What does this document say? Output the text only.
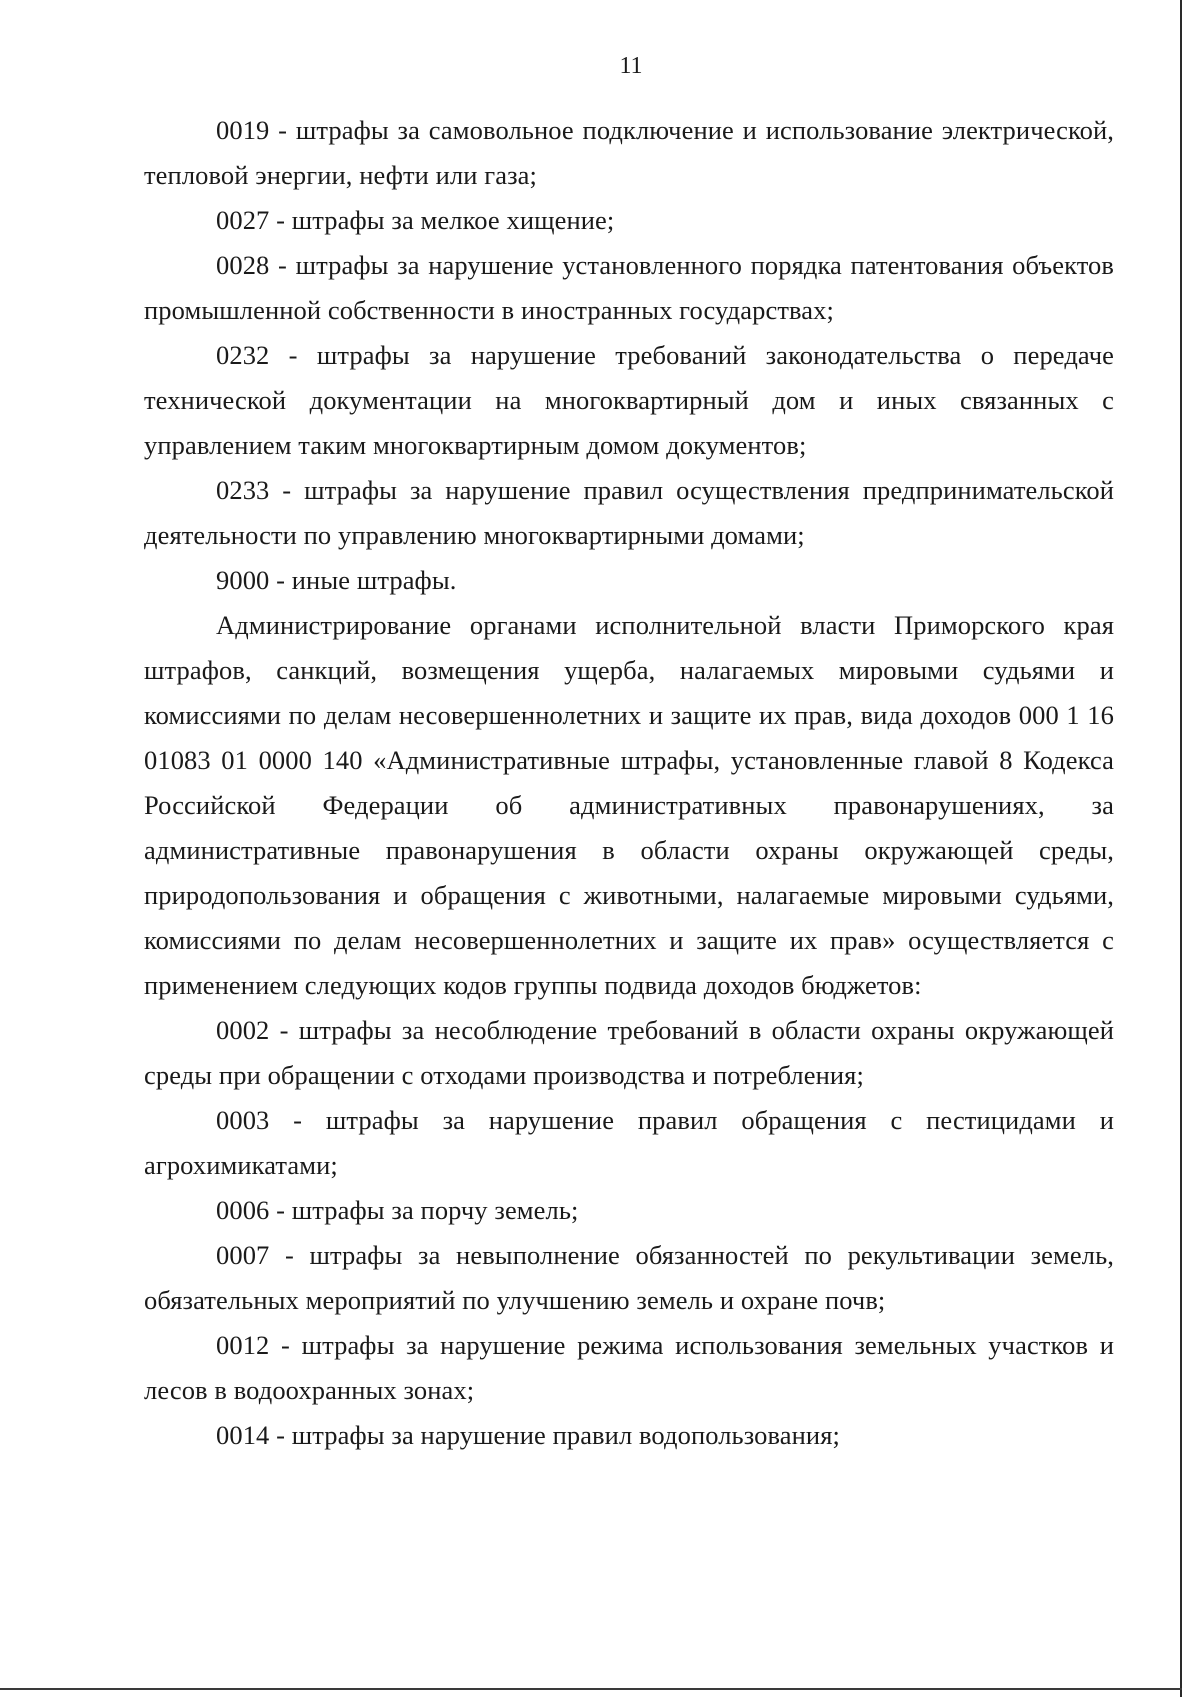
11

0019 - штрафы за самовольное подключение и использование электрической, тепловой энергии, нефти или газа;

0027 - штрафы за мелкое хищение;

0028 - штрафы за нарушение установленного порядка патентования объектов промышленной собственности в иностранных государствах;

0232 - штрафы за нарушение требований законодательства о передаче технической документации на многоквартирный дом и иных связанных с управлением таким многоквартирным домом документов;

0233 - штрафы за нарушение правил осуществления предпринимательской деятельности по управлению многоквартирными домами;

9000 - иные штрафы.

Администрирование органами исполнительной власти Приморского края штрафов, санкций, возмещения ущерба, налагаемых мировыми судьями и комиссиями по делам несовершеннолетних и защите их прав, вида доходов 000 1 16 01083 01 0000 140 «Административные штрафы, установленные главой 8 Кодекса Российской Федерации об административных правонарушениях, за административные правонарушения в области охраны окружающей среды, природопользования и обращения с животными, налагаемые мировыми судьями, комиссиями по делам несовершеннолетних и защите их прав» осуществляется с применением следующих кодов группы подвида доходов бюджетов:

0002 - штрафы за несоблюдение требований в области охраны окружающей среды при обращении с отходами производства и потребления;

0003 - штрафы за нарушение правил обращения с пестицидами и агрохимикатами;

0006 - штрафы за порчу земель;

0007 - штрафы за невыполнение обязанностей по рекультивации земель, обязательных мероприятий по улучшению земель и охране почв;

0012 - штрафы за нарушение режима использования земельных участков и лесов в водоохранных зонах;

0014 - штрафы за нарушение правил водопользования;
